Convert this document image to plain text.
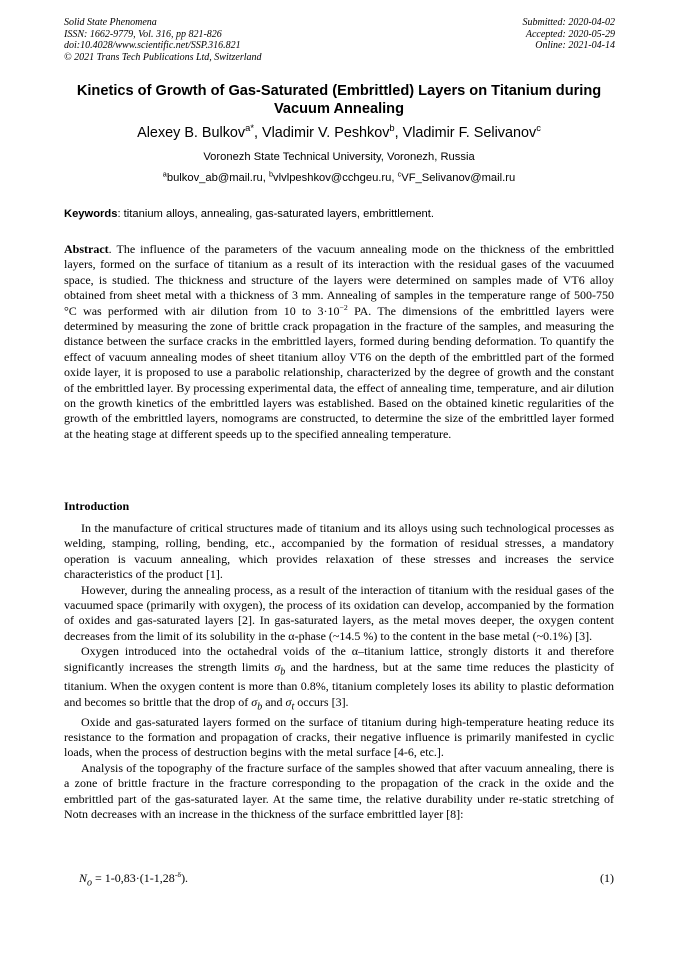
Solid State Phenomena
ISSN: 1662-9779, Vol. 316, pp 821-826
doi:10.4028/www.scientific.net/SSP.316.821
© 2021 Trans Tech Publications Ltd, Switzerland
Submitted: 2020-04-02
Accepted: 2020-05-29
Online: 2021-04-14
Kinetics of Growth of Gas-Saturated (Embrittled) Layers on Titanium during Vacuum Annealing
Alexey B. Bulkov$^{a*}$, Vladimir V. Peshkov$^b$, Vladimir F. Selivanov$^c$
Voronezh State Technical University, Voronezh, Russia
$^a$bulkov_ab@mail.ru, $^b$vlvlpeshkov@cchgeu.ru, $^c$VF_Selivanov@mail.ru
Keywords: titanium alloys, annealing, gas-saturated layers, embrittlement.
Abstract. The influence of the parameters of the vacuum annealing mode on the thickness of the embrittled layers, formed on the surface of titanium as a result of its interaction with the residual gases of the vacuumed space, is studied. The thickness and structure of the layers were determined on samples made of VT6 alloy obtained from sheet metal with a thickness of 3 mm. Annealing of samples in the temperature range of 500-750 °C was performed with air dilution from 10 to $3\cdot 10^{-2}$ PA. The dimensions of the embrittled layers were determined by measuring the zone of brittle crack propagation in the fracture of the samples, and measuring the distance between the surface cracks in the embrittled layers, formed during bending deformation. To quantify the effect of vacuum annealing modes of sheet titanium alloy VT6 on the depth of the embrittled part of the formed oxide layer, it is proposed to use a parabolic relationship, characterized by the degree of growth and the constant of the embrittled layer. By processing experimental data, the effect of annealing time, temperature, and air dilution on the growth kinetics of the embrittled layers was established. Based on the obtained kinetic regularities of the growth of the embrittled layers, nomograms are constructed, to determine the size of the embrittled layer formed at the heating stage at different speeds up to the specified annealing temperature.
Introduction

In the manufacture of critical structures made of titanium and its alloys using such technological processes as welding, stamping, rolling, bending, etc., accompanied by the formation of residual stresses, a mandatory operation is vacuum annealing, which provides relaxation of these stresses and increases the service characteristics of the product [1].

However, during the annealing process, as a result of the interaction of titanium with the residual gases of the vacuumed space (primarily with oxygen), the process of its oxidation can develop, accompanied by the formation of oxides and gas-saturated layers [2]. In gas-saturated layers, as the metal moves deeper, the oxygen content decreases from the limit of its solubility in the α-phase (~14.5 %) to the content in the base metal (~0.1%) [3].

Oxygen introduced into the octahedral voids of the α–titanium lattice, strongly distorts it and therefore significantly increases the strength limits $\sigma_b$ and the hardness, but at the same time reduces the plasticity of titanium. When the oxygen content is more than 0.8%, titanium completely loses its ability to plastic deformation and becomes so brittle that the drop of $\sigma_b$ and $\sigma_t$ occurs [3].

Oxide and gas-saturated layers formed on the surface of titanium during high-temperature heating reduce its resistance to the formation and propagation of cracks, their negative influence is primarily manifested in cyclic loads, when the process of destruction begins with the metal surface [4-6, etc.].

Analysis of the topography of the fracture surface of the samples showed that after vacuum annealing, there is a zone of brittle fracture in the fracture corresponding to the propagation of the crack in the oxide and the embrittled part of the gas-saturated layer. At the same time, the relative durability under re-static stretching of Notn decreases with an increase in the thickness of the surface embrittled layer [8]:

$N_o = 1-0,83\cdot(1-1,28^{-\delta})$.	(1)
